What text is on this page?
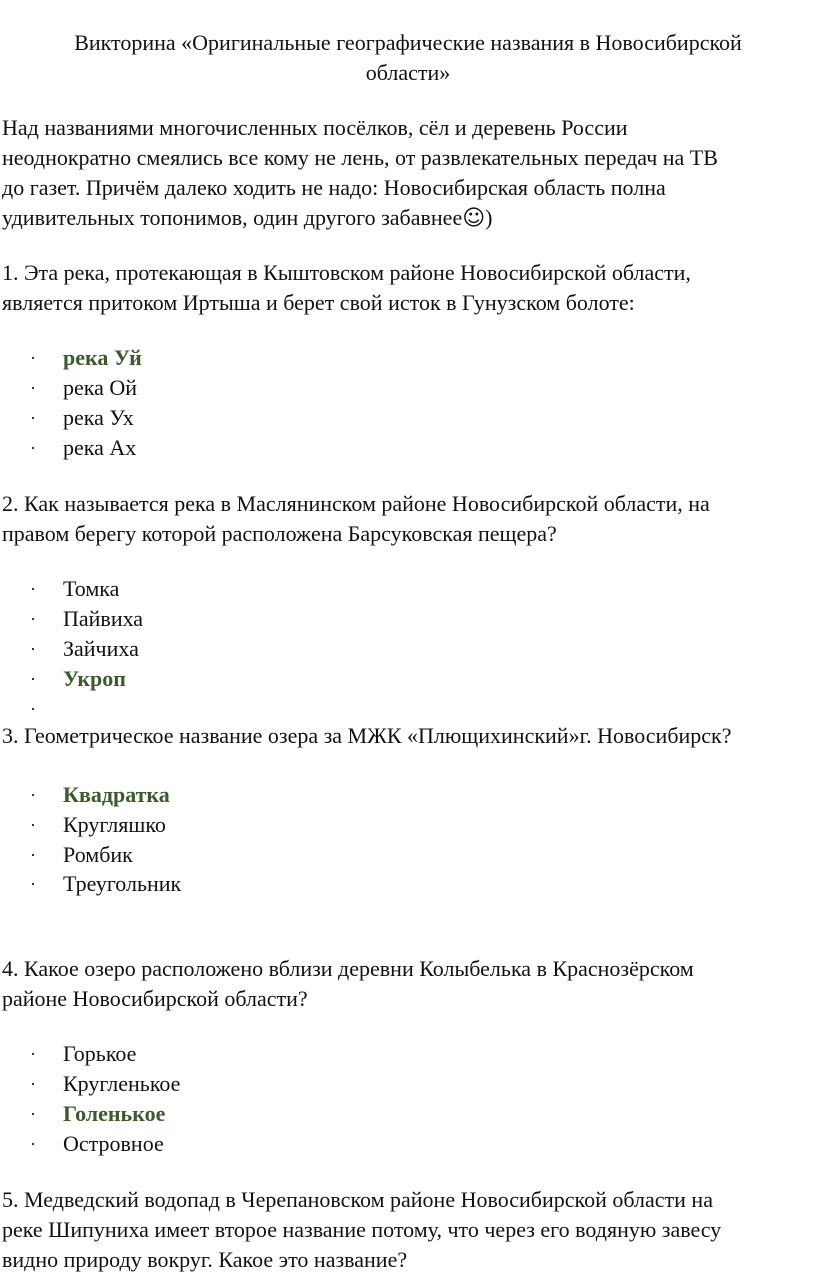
Викторина «Оригинальные географические названия в Новосибирской
области»

Над названиями многочисленных посёлков, сёл и деревень России
неоднократно смеялись все кому не лень, от развлекательных передач на ТВ
до газет. Причём далеко ходить не надо: Новосибирская область полна
удивительных топонимов, один другого забавнее☺)

1. Эта река, протекающая в Кыштовском районе Новосибирской области,
является притоком Иртыша и берет свой исток в Гунузском болоте:

· река Уй
· река Ой
· река Ух
· река Ах

2. Как называется река в Маслянинском районе Новосибирской области, на
правом берегу которой расположена Барсуковская пещера?

· Томка
· Пайвиха
· Зайчиха
· Укроп
·

3. Геометрическое название озера за МЖК «Плющихинский»г. Новосибирск?

· Квадратка
· Кругляшко
· Ромбик
· Треугольник

4. Какое озеро расположено вблизи деревни Колыбелька в Краснозёрском
районе Новосибирской области?

· Горькое
· Кругленькое
· Голенькое
· Островное

5. Медведский водопад в Черепановском районе Новосибирской области на
реке Шипуниха имеет второе название потому, что через его водяную завесу
видно природу вокруг. Какое это название?
